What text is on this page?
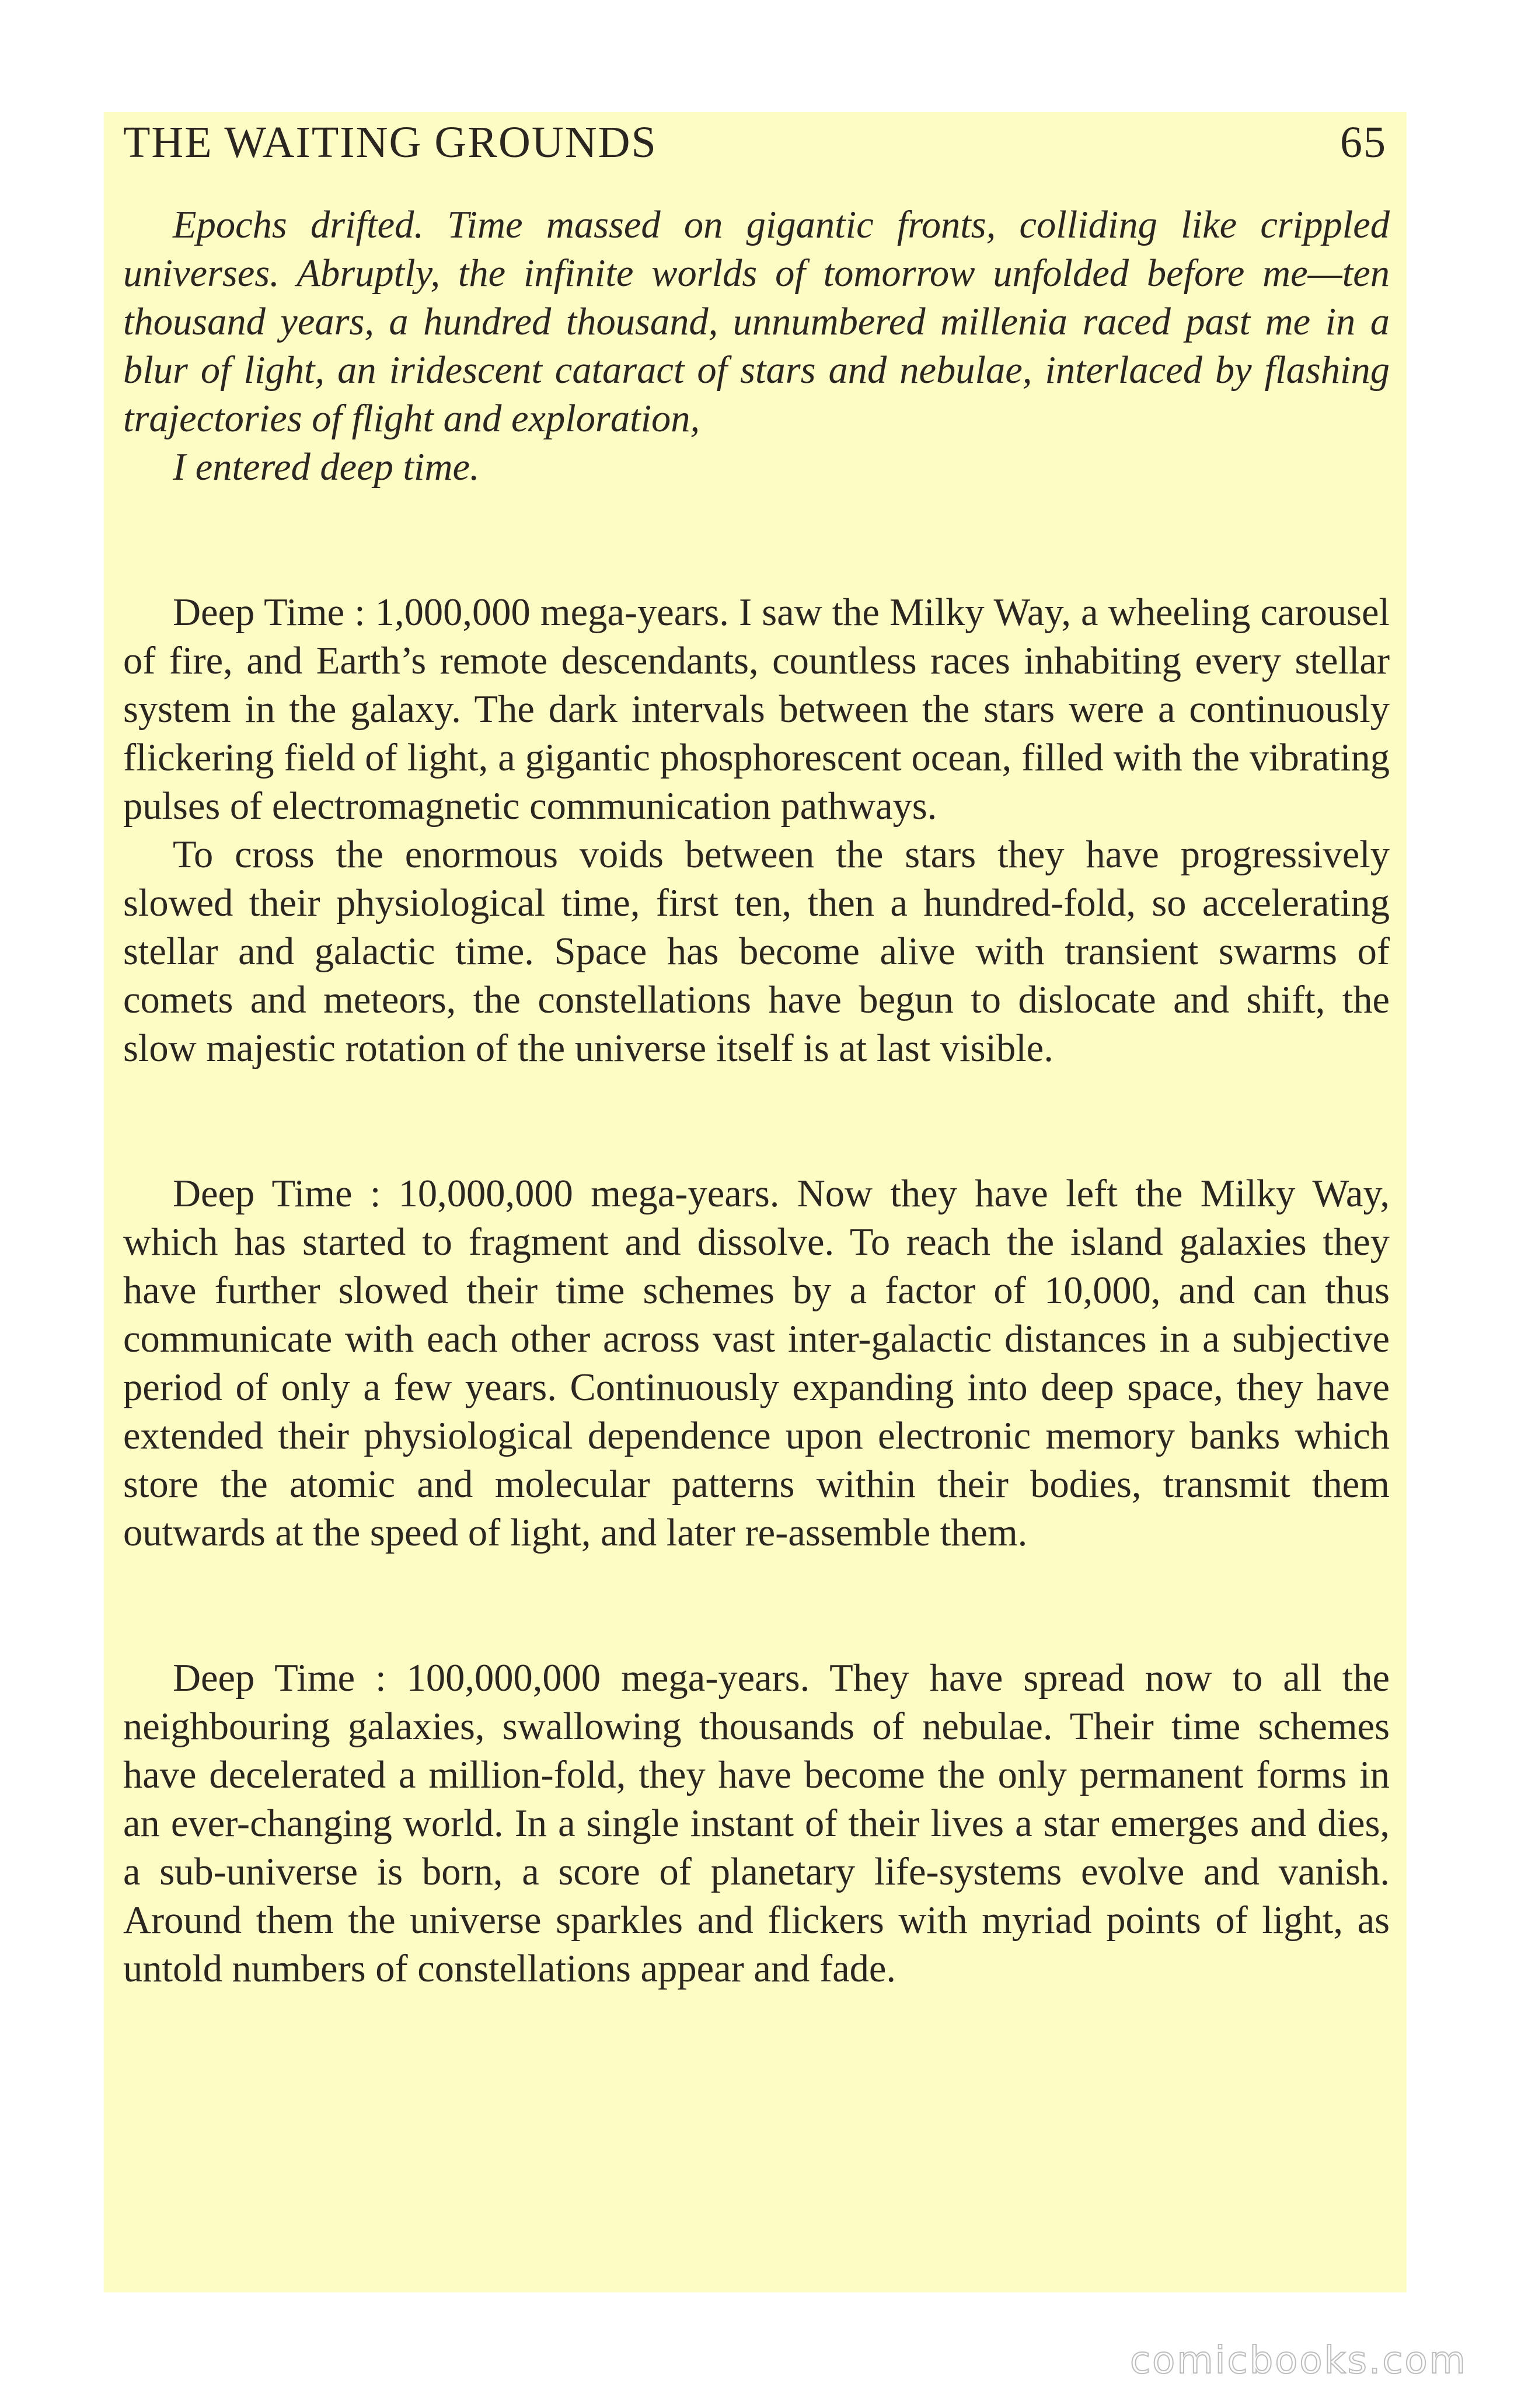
THE WAITING GROUNDS	65

Epochs drifted. Time massed on gigantic fronts, colliding like crippled universes. Abruptly, the infinite worlds of tomorrow unfolded before me—ten thousand years, a hundred thousand, unnumbered millenia raced past me in a blur of light, an iridescent cataract of stars and nebulae, interlaced by flashing trajectories of flight and exploration,

I entered deep time.

Deep Time : 1,000,000 mega-years. I saw the Milky Way, a wheeling carousel of fire, and Earth’s remote descendants, countless races inhabiting every stellar system in the galaxy. The dark intervals between the stars were a continuously flickering field of light, a gigantic phosphorescent ocean, filled with the vibrating pulses of electromagnetic communication pathways.

To cross the enormous voids between the stars they have progressively slowed their physiological time, first ten, then a hundred-fold, so accelerating stellar and galactic time. Space has become alive with transient swarms of comets and meteors, the constellations have begun to dislocate and shift, the slow majestic rotation of the universe itself is at last visible.

Deep Time : 10,000,000 mega-years. Now they have left the Milky Way, which has started to fragment and dissolve. To reach the island galaxies they have further slowed their time schemes by a factor of 10,000, and can thus communicate with each other across vast inter-galactic distances in a subjective period of only a few years. Continuously expanding into deep space, they have extended their physiological dependence upon electronic memory banks which store the atomic and molecular patterns within their bodies, transmit them outwards at the speed of light, and later re-assemble them.

Deep Time : 100,000,000 mega-years. They have spread now to all the neighbouring galaxies, swallowing thousands of nebulae. Their time schemes have decelerated a million-fold, they have become the only permanent forms in an ever-changing world. In a single instant of their lives a star emerges and dies, a sub-universe is born, a score of planetary life-systems evolve and vanish. Around them the universe sparkles and flickers with myriad points of light, as untold numbers of constellations appear and fade.

comicbooks.com
